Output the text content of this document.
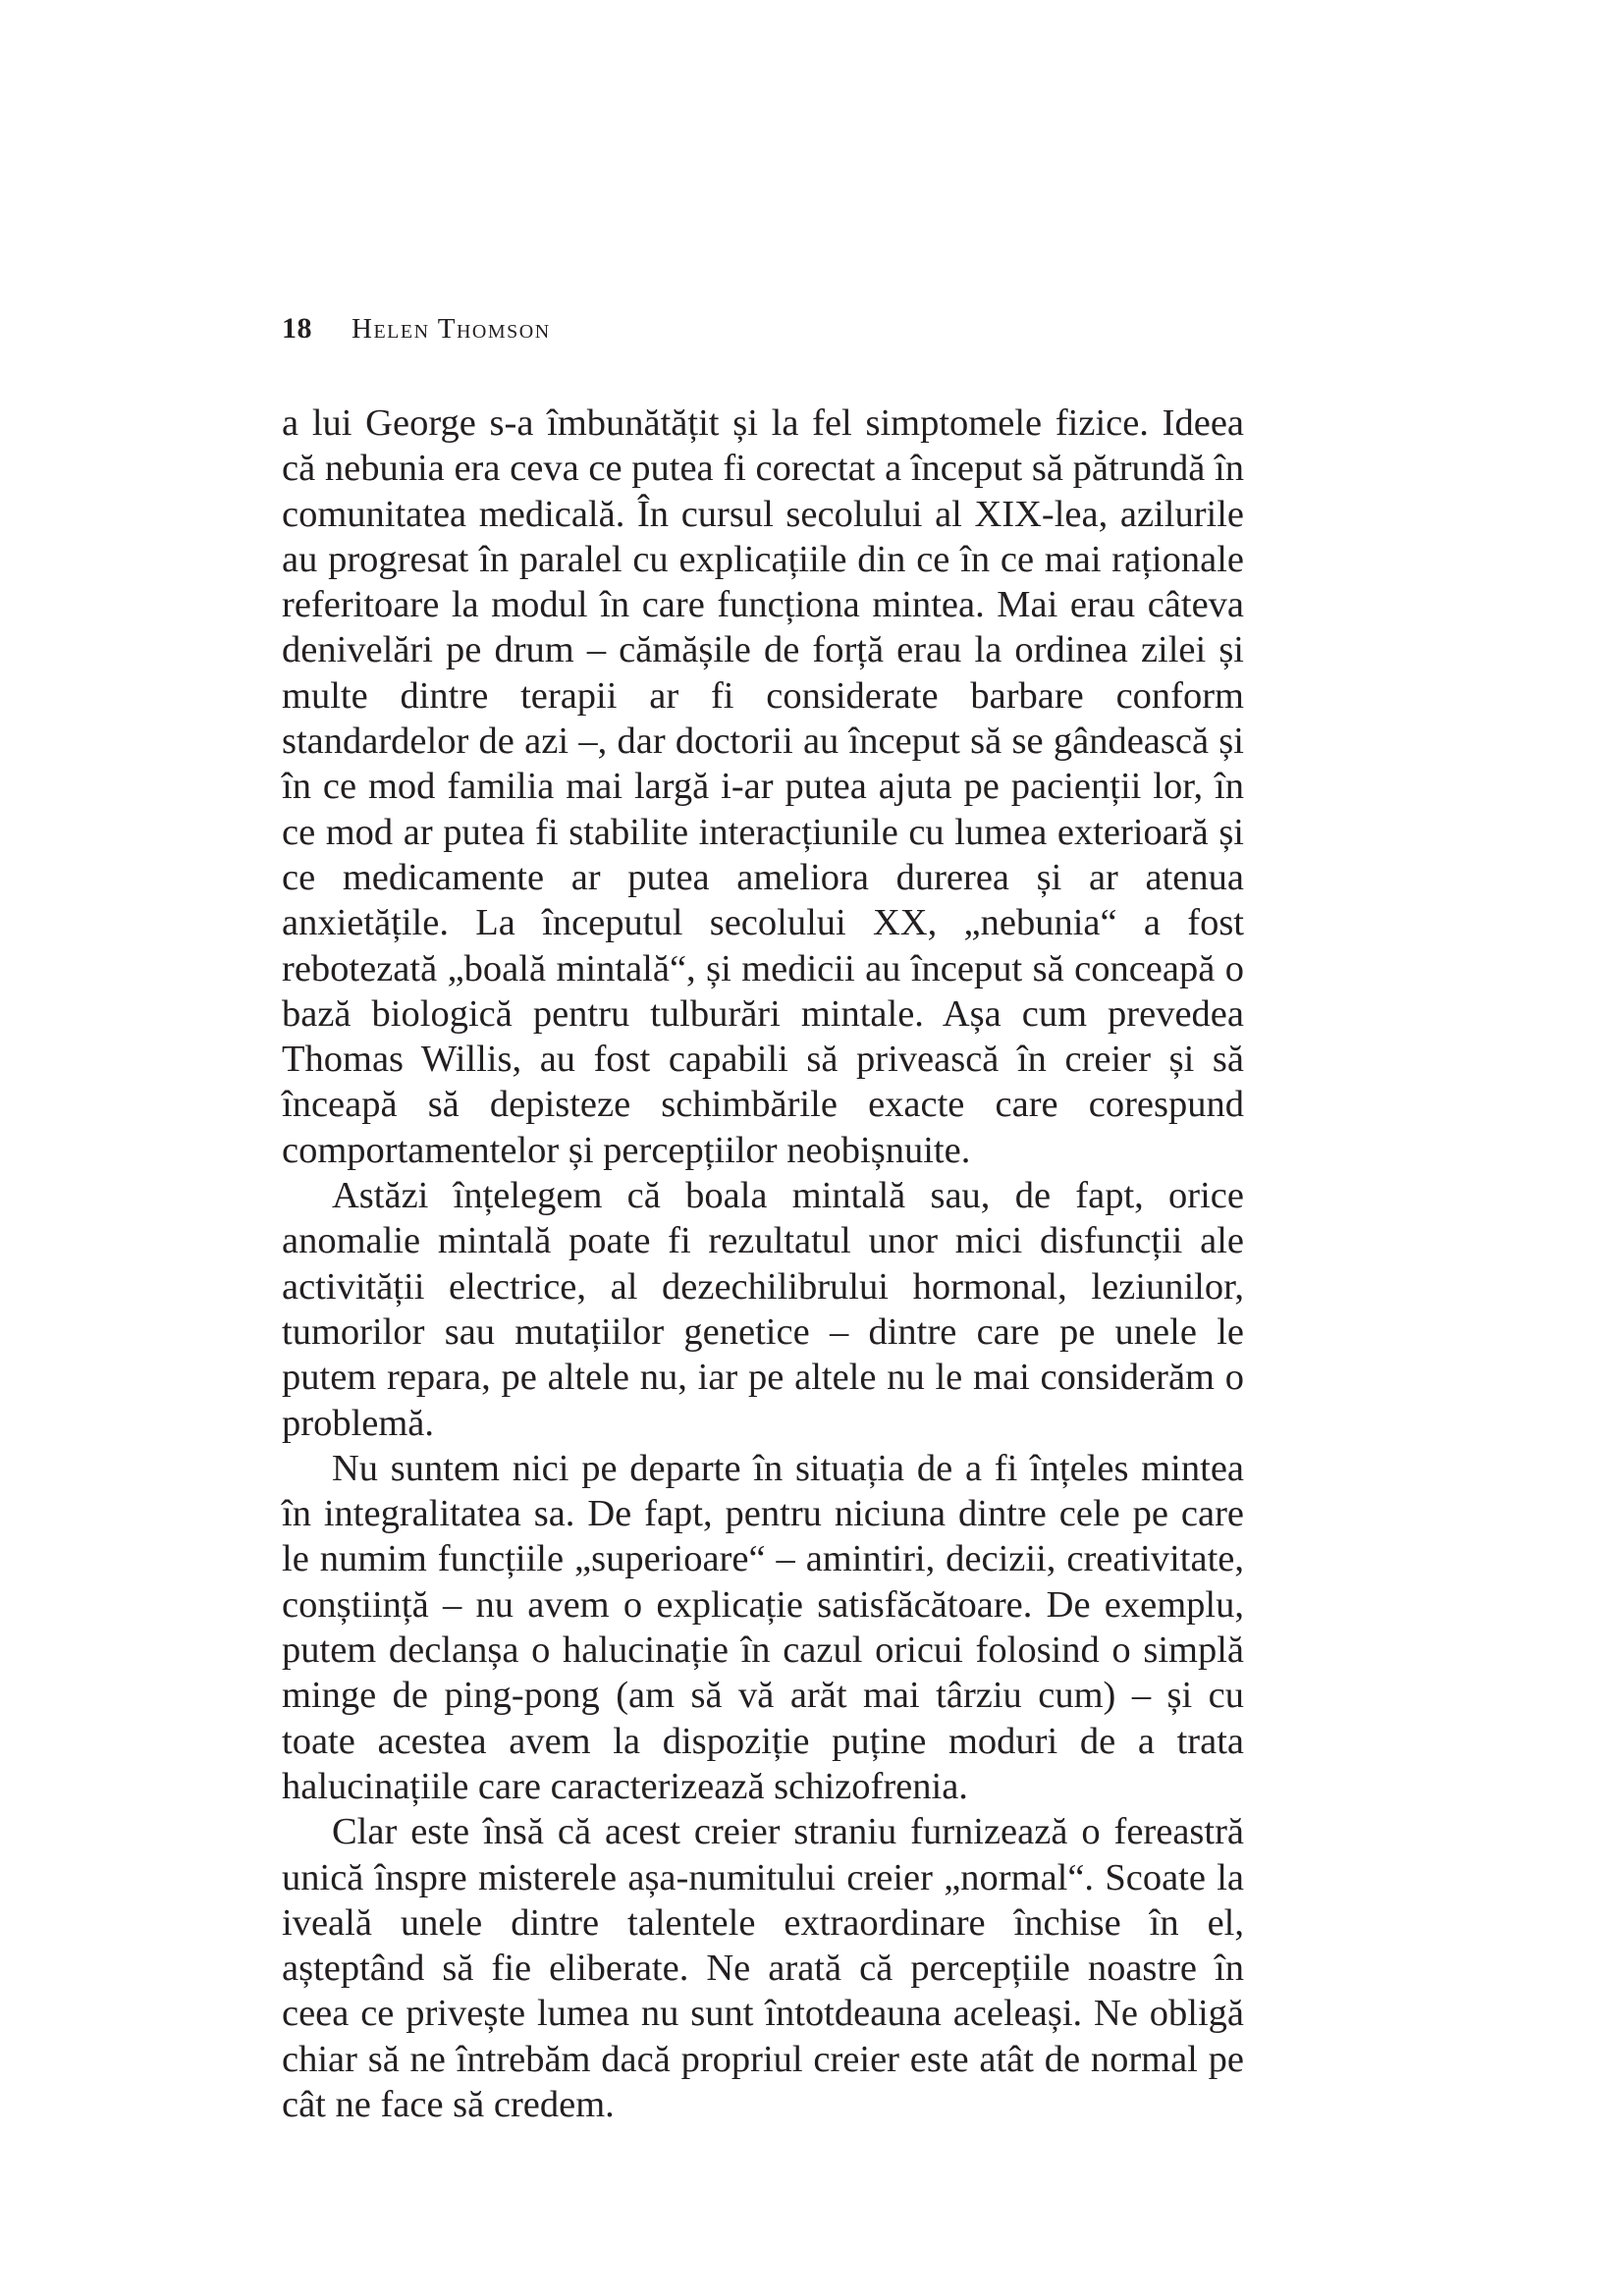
18 Helen Thomson

a lui George s-a îmbunătățit și la fel simptomele fizice. Ideea că nebunia era ceva ce putea fi corectat a început să pătrundă în comunitatea medicală. În cursul secolului al XIX-lea, azilurile au progresat în paralel cu explicațiile din ce în ce mai raționale referitoare la modul în care funcționa mintea. Mai erau câteva denivelări pe drum – cămășile de forță erau la ordinea zilei și multe dintre terapii ar fi considerate barbare conform standardelor de azi –, dar doctorii au început să se gândească și în ce mod familia mai largă i-ar putea ajuta pe pacienții lor, în ce mod ar putea fi stabilite interacțiunile cu lumea exterioară și ce medicamente ar putea ameliora durerea și ar atenua anxietățile. La începutul secolului XX, „nebunia“ a fost rebotezată „boală mintală“, și medicii au început să conceapă o bază biologică pentru tulburări mintale. Așa cum prevedea Thomas Willis, au fost capabili să privească în creier și să înceapă să depisteze schimbările exacte care corespund comportamentelor și percepțiilor neobișnuite.

Astăzi înțelegem că boala mintală sau, de fapt, orice anomalie mintală poate fi rezultatul unor mici disfuncții ale activității electrice, al dezechilibrului hormonal, leziunilor, tumorilor sau mutațiilor genetice – dintre care pe unele le putem repara, pe altele nu, iar pe altele nu le mai considerăm o problemă.

Nu suntem nici pe departe în situația de a fi înțeles mintea în integralitatea sa. De fapt, pentru niciuna dintre cele pe care le numim funcțiile „superioare“ – amintiri, decizii, creativitate, conștiință – nu avem o explicație satisfăcătoare. De exemplu, putem declanșa o halucinație în cazul oricui folosind o simplă minge de ping-pong (am să vă arăt mai târziu cum) – și cu toate acestea avem la dispoziție puține moduri de a trata halucinațiile care caracterizează schizofrenia.

Clar este însă că acest creier straniu furnizează o fereastră unică înspre misterele așa-numitului creier „normal“. Scoate la iveală unele dintre talentele extraordinare închise în el, așteptând să fie eliberate. Ne arată că percepțiile noastre în ceea ce privește lumea nu sunt întotdeauna aceleași. Ne obligă chiar să ne întrebăm dacă propriul creier este atât de normal pe cât ne face să credem.
